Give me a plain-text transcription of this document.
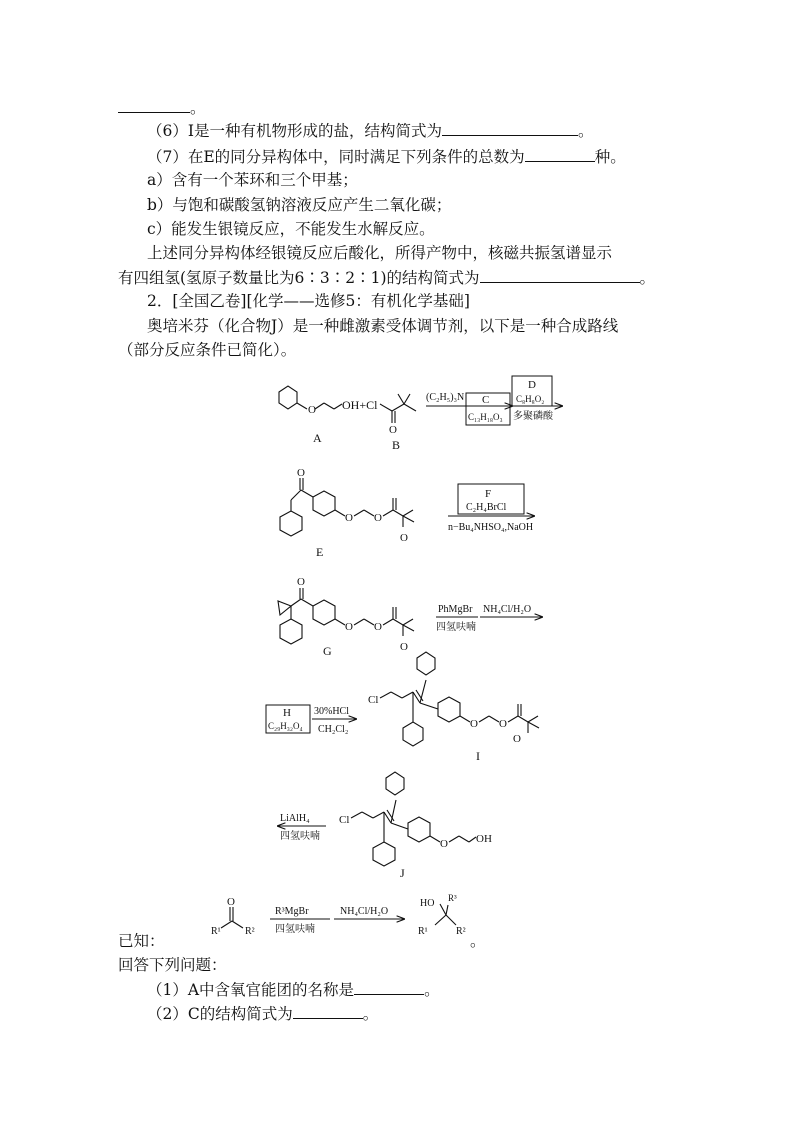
。
（6）I是一种有机物形成的盐，结构简式为	。
（7）在E的同分异构体中，同时满足下列条件的总数为	种。
a）含有一个苯环和三个甲基；
b）与饱和碳酸氢钠溶液反应产生二氧化碳；
c）能发生银镜反应，不能发生水解反应。
上述同分异构体经银镜反应后酸化，所得产物中，核磁共振氢谱显示
有四组氢(氢原子数量比为6∶3∶2∶1)的结构简式为	。
2．[全国乙卷][化学——选修5：有机化学基础]
奥培米芬（化合物J）是一种雌激素受体调节剂，以下是一种合成路线
（部分反应条件已简化）。
已知：	。
回答下列问题：
（1）A中含氧官能团的名称是	。
（2）C的结构简式为	。
O OH+Cl
A
O
B
(C₂H₅)₃N C
C₁₃H₁₈O₃
D
C₈H₈O₂
多聚磷酸
O
O O
O
E
F
C₂H₄BrCl
n−Bu₄NHSO₄,NaOH
O
O O
O
G
PhMgBr
四氢呋喃
NH₄Cl/H₂O
H
C₂₉H₃₂O₄
30%HCl
CH₂Cl₂
Cl
O O
O
I
LiAlH₄
四氢呋喃
Cl
O	OH
J
R¹
O
R²
R³MgBr
四氢呋喃
NH₄Cl/H₂O
HO R³
R¹	R²
